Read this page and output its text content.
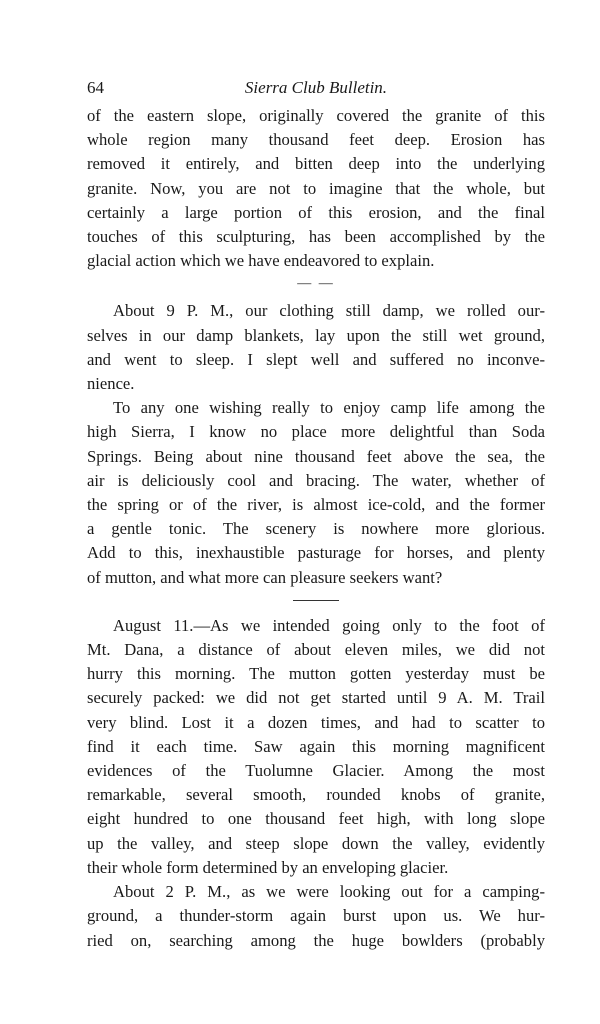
64	Sierra Club Bulletin.

of the eastern slope, originally covered the granite of this
whole region many thousand feet deep. Erosion has
removed it entirely, and bitten deep into the underlying
granite. Now, you are not to imagine that the whole, but
certainly a large portion of this erosion, and the final
touches of this sculpturing, has been accomplished by the
glacial action which we have endeavored to explain.

— —

About 9 P. M., our clothing still damp, we rolled our-
selves in our damp blankets, lay upon the still wet ground,
and went to sleep. I slept well and suffered no inconve-
nience.

To any one wishing really to enjoy camp life among the
high Sierra, I know no place more delightful than Soda
Springs. Being about nine thousand feet above the sea, the
air is deliciously cool and bracing. The water, whether of
the spring or of the river, is almost ice-cold, and the former
a gentle tonic. The scenery is nowhere more glorious.
Add to this, inexhaustible pasturage for horses, and plenty
of mutton, and what more can pleasure seekers want?

August 11.—As we intended going only to the foot of
Mt. Dana, a distance of about eleven miles, we did not
hurry this morning. The mutton gotten yesterday must be
securely packed: we did not get started until 9 A. M. Trail
very blind. Lost it a dozen times, and had to scatter to
find it each time. Saw again this morning magnificent
evidences of the Tuolumne Glacier. Among the most
remarkable, several smooth, rounded knobs of granite,
eight hundred to one thousand feet high, with long slope
up the valley, and steep slope down the valley, evidently
their whole form determined by an enveloping glacier.

About 2 P. M., as we were looking out for a camping-
ground, a thunder-storm again burst upon us. We hur-
ried on, searching among the huge bowlders (probably
